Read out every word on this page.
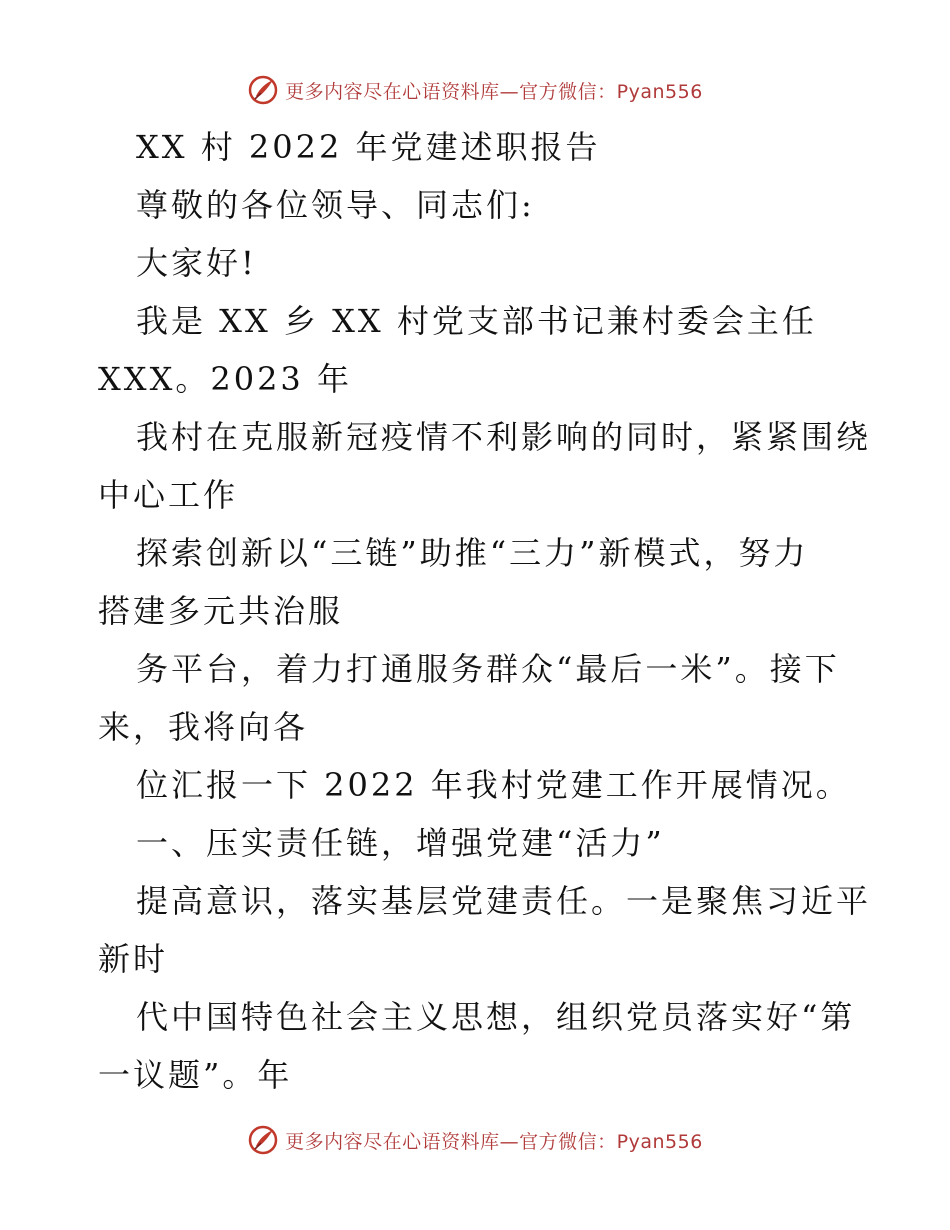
更多内容尽在心语资料库—官方微信：Pyan556
XX 村 2022 年党建述职报告
尊敬的各位领导、同志们:
大家好!
我是 XX 乡 XX 村党支部书记兼村委会主任
XXX。2023 年
我村在克服新冠疫情不利影响的同时，紧紧围绕
中心工作
探索创新以“三链”助推“三力”新模式，努力
搭建多元共治服
务平台，着力打通服务群众“最后一米”。接下
来，我将向各
位汇报一下 2022 年我村党建工作开展情况。
一、压实责任链，增强党建“活力”
提高意识，落实基层党建责任。一是聚焦习近平
新时
代中国特色社会主义思想，组织党员落实好“第
一议题”。年
更多内容尽在心语资料库—官方微信：Pyan556
